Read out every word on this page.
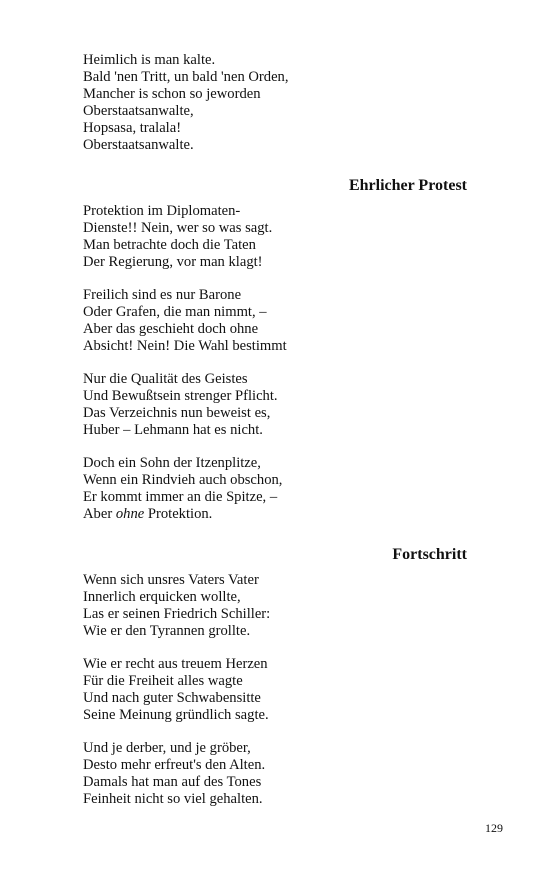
Heimlich is man kalte.
Bald 'nen Tritt, un bald 'nen Orden,
Mancher is schon so jeworden
Oberstaatsanwalte,
Hopsasa, tralala!
Oberstaatsanwalte.
Ehrlicher Protest
Protektion im Diplomaten-
Dienste!! Nein, wer so was sagt.
Man betrachte doch die Taten
Der Regierung, vor man klagt!
Freilich sind es nur Barone
Oder Grafen, die man nimmt, –
Aber das geschieht doch ohne
Absicht! Nein! Die Wahl bestimmt
Nur die Qualität des Geistes
Und Bewußtsein strenger Pflicht.
Das Verzeichnis nun beweist es,
Huber – Lehmann hat es nicht.
Doch ein Sohn der Itzenplitze,
Wenn ein Rindvieh auch obschon,
Er kommt immer an die Spitze, –
Aber ohne Protektion.
Fortschritt
Wenn sich unsres Vaters Vater
Innerlich erquicken wollte,
Las er seinen Friedrich Schiller:
Wie er den Tyrannen grollte.
Wie er recht aus treuem Herzen
Für die Freiheit alles wagte
Und nach guter Schwabensitte
Seine Meinung gründlich sagte.
Und je derber, und je gröber,
Desto mehr erfreut's den Alten.
Damals hat man auf des Tones
Feinheit nicht so viel gehalten.
129
